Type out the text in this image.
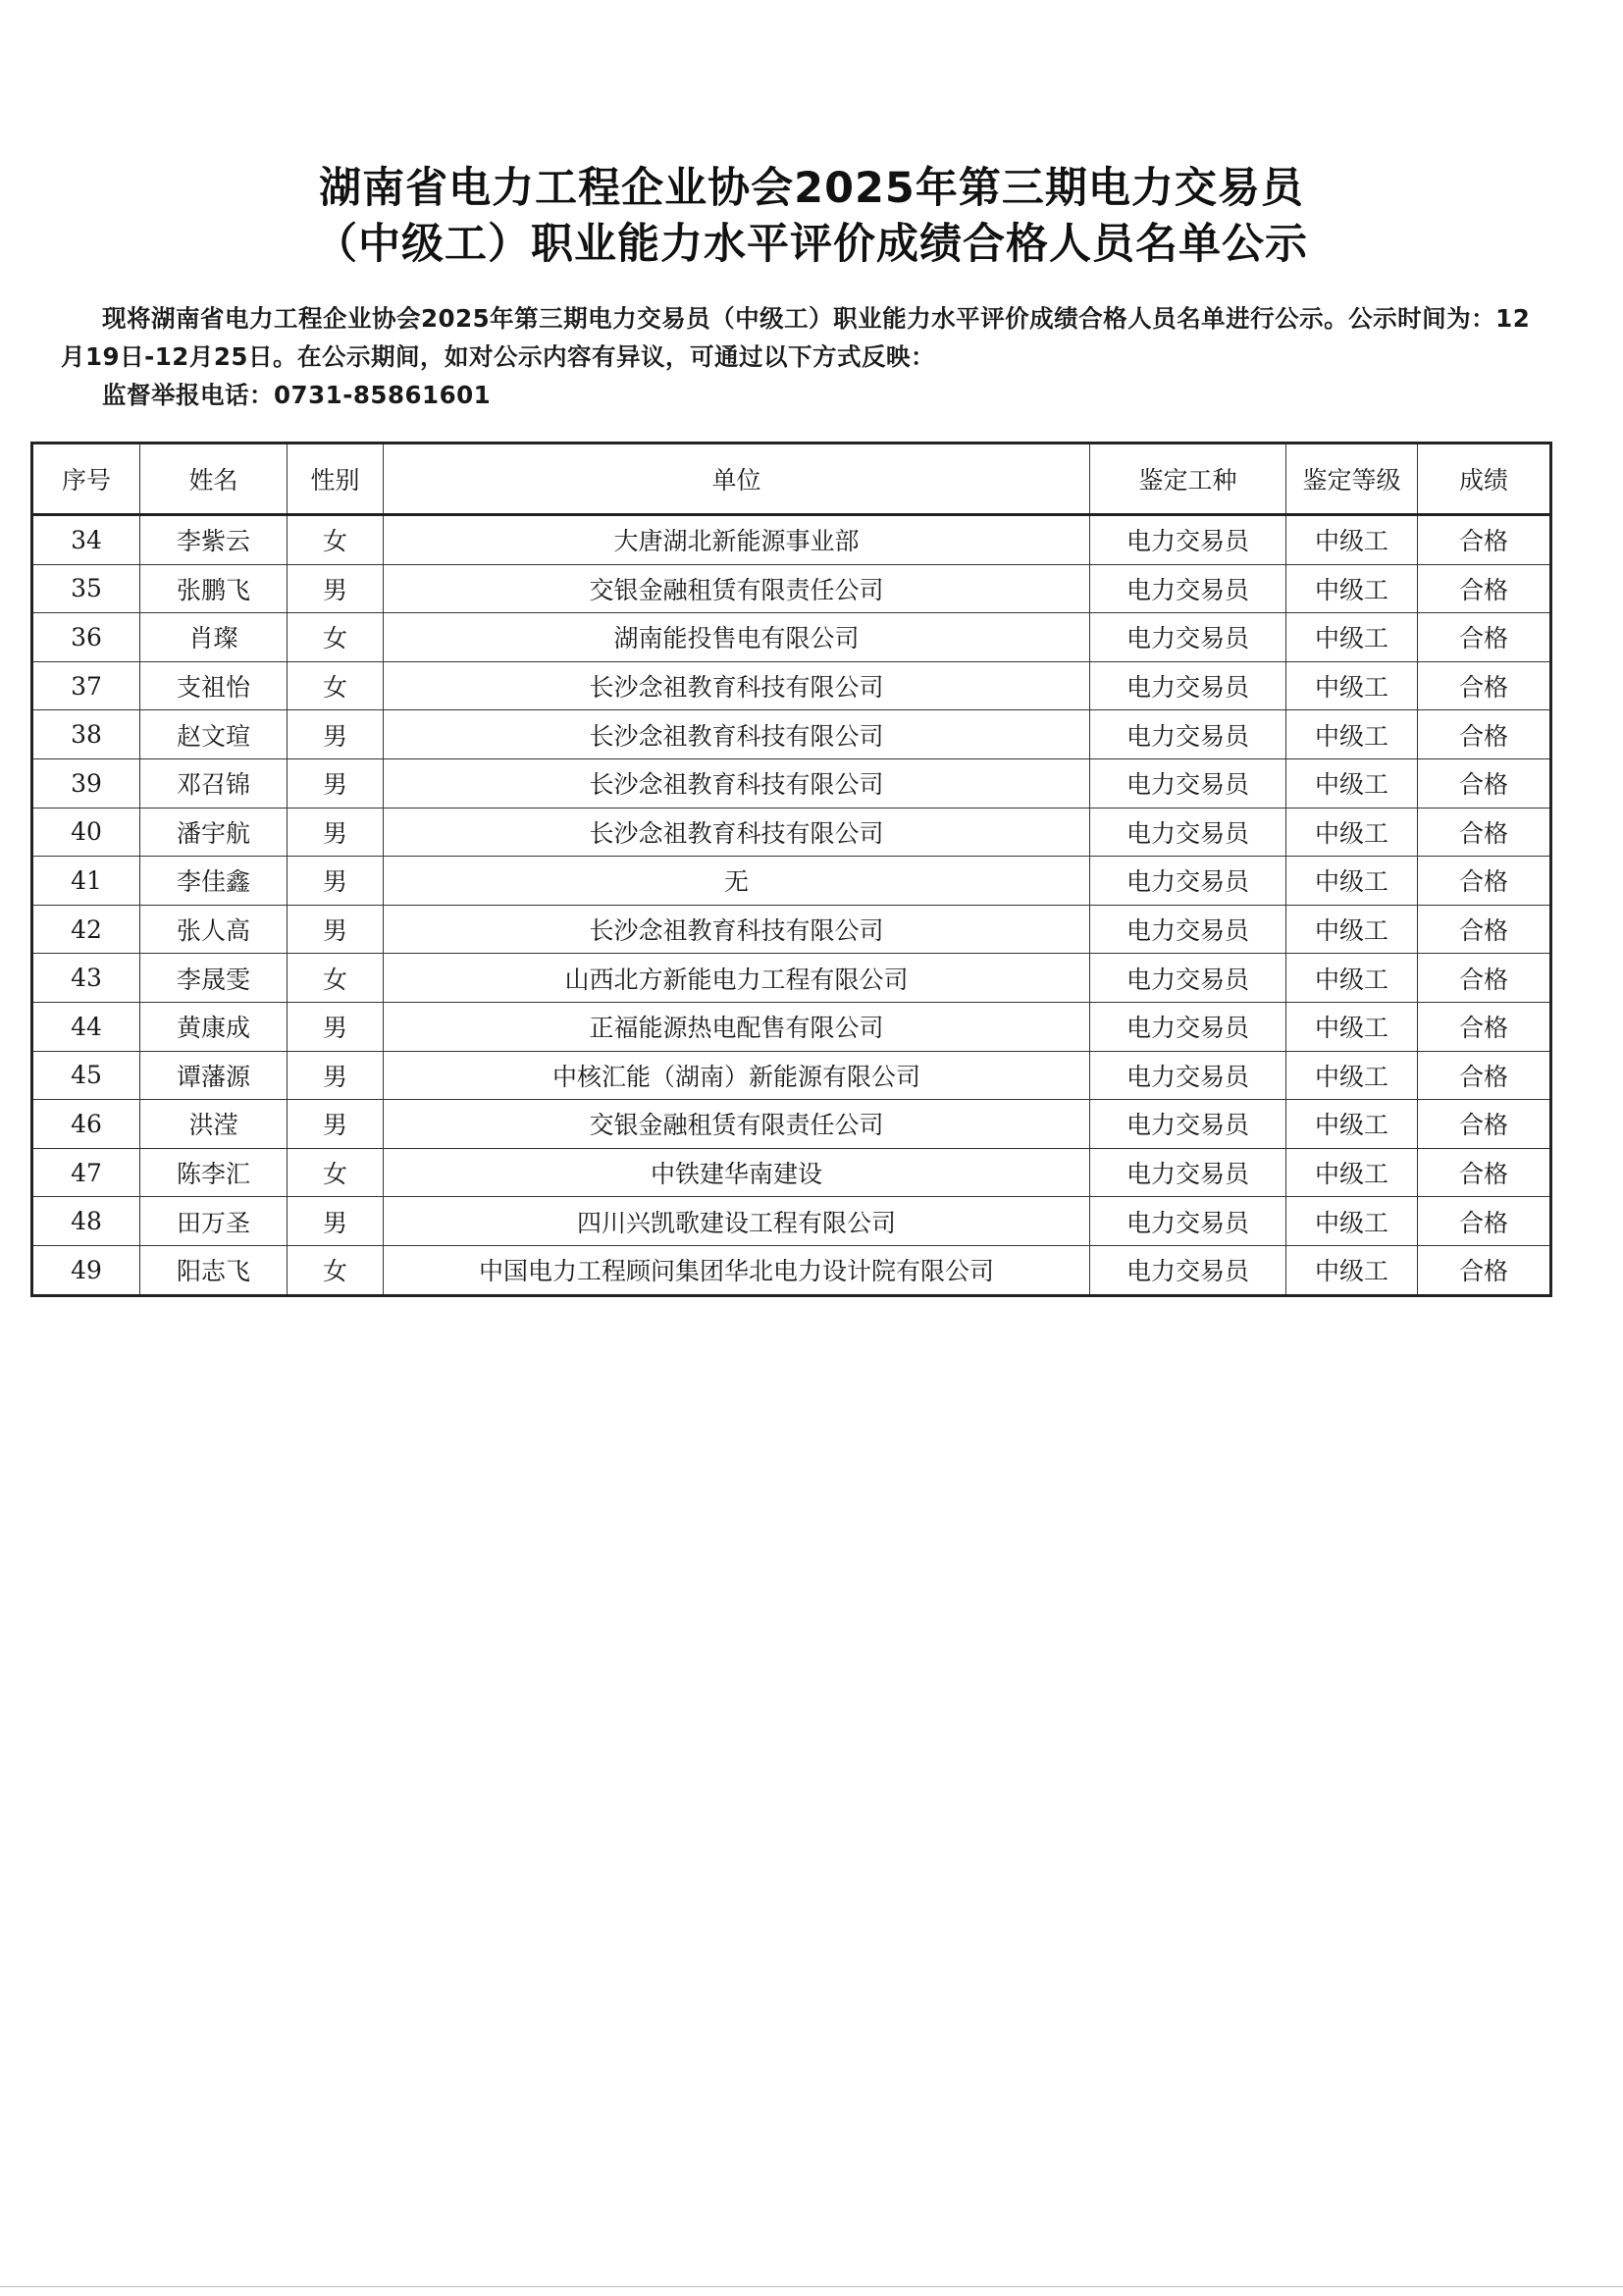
湖南省电力工程企业协会2025年第三期电力交易员
（中级工）职业能力水平评价成绩合格人员名单公示

现将湖南省电力工程企业协会2025年第三期电力交易员（中级工）职业能力水平评价成绩合格人员名单进行公示。公示时间为：12月19日-12月25日。在公示期间，如对公示内容有异议，可通过以下方式反映：

监督举报电话：0731-85861601

序号	姓名	性别	单位	鉴定工种	鉴定等级	成绩
34	李紫云	女	大唐湖北新能源事业部	电力交易员	中级工	合格
35	张鹏飞	男	交银金融租赁有限责任公司	电力交易员	中级工	合格
36	肖璨	女	湖南能投售电有限公司	电力交易员	中级工	合格
37	支祖怡	女	长沙念祖教育科技有限公司	电力交易员	中级工	合格
38	赵文瑄	男	长沙念祖教育科技有限公司	电力交易员	中级工	合格
39	邓召锦	男	长沙念祖教育科技有限公司	电力交易员	中级工	合格
40	潘宇航	男	长沙念祖教育科技有限公司	电力交易员	中级工	合格
41	李佳鑫	男	无	电力交易员	中级工	合格
42	张人高	男	长沙念祖教育科技有限公司	电力交易员	中级工	合格
43	李晟雯	女	山西北方新能电力工程有限公司	电力交易员	中级工	合格
44	黄康成	男	正福能源热电配售有限公司	电力交易员	中级工	合格
45	谭藩源	男	中核汇能（湖南）新能源有限公司	电力交易员	中级工	合格
46	洪滢	男	交银金融租赁有限责任公司	电力交易员	中级工	合格
47	陈李汇	女	中铁建华南建设	电力交易员	中级工	合格
48	田万圣	男	四川兴凯歌建设工程有限公司	电力交易员	中级工	合格
49	阳志飞	女	中国电力工程顾问集团华北电力设计院有限公司	电力交易员	中级工	合格
